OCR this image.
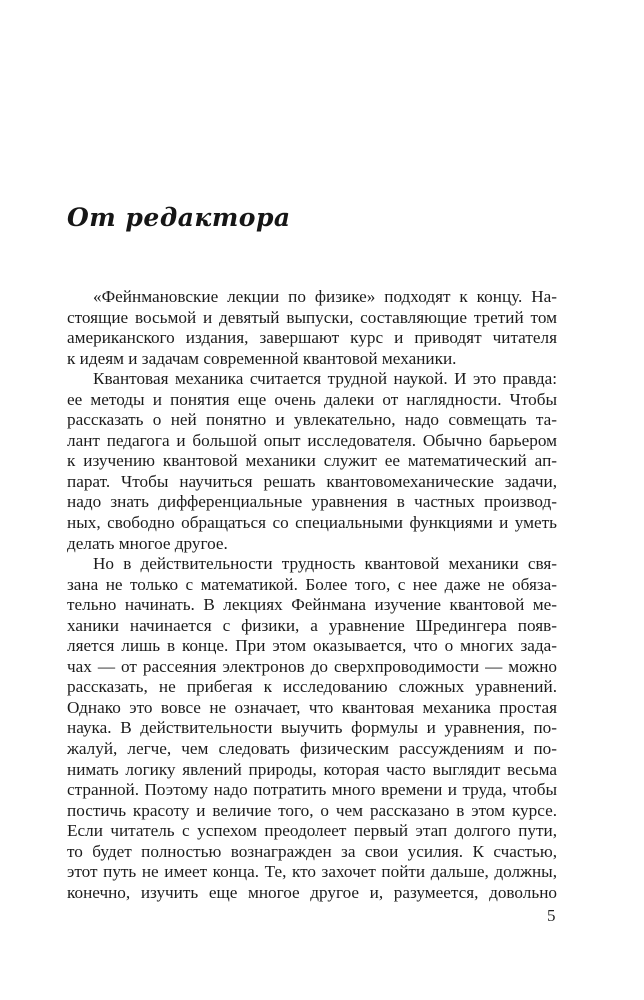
От редактора
«Фейнмановские лекции по физике» подходят к концу. На-
стоящие восьмой и девятый выпуски, составляющие третий том
американского издания, завершают курс и приводят читателя
к идеям и задачам современной квантовой механики.
Квантовая механика считается трудной наукой. И это правда:
ее методы и понятия еще очень далеки от наглядности. Чтобы
рассказать о ней понятно и увлекательно, надо совмещать та-
лант педагога и большой опыт исследователя. Обычно барьером
к изучению квантовой механики служит ее математический ап-
парат. Чтобы научиться решать квантовомеханические задачи,
надо знать дифференциальные уравнения в частных производ-
ных, свободно обращаться со специальными функциями и уметь
делать многое другое.
Но в действительности трудность квантовой механики свя-
зана не только с математикой. Более того, с нее даже не обяза-
тельно начинать. В лекциях Фейнмана изучение квантовой ме-
ханики начинается с физики, а уравнение Шредингера появ-
ляется лишь в конце. При этом оказывается, что о многих зада-
чах — от рассеяния электронов до сверхпроводимости — можно
рассказать, не прибегая к исследованию сложных уравнений.
Однако это вовсе не означает, что квантовая механика простая
наука. В действительности выучить формулы и уравнения, по-
жалуй, легче, чем следовать физическим рассуждениям и по-
нимать логику явлений природы, которая часто выглядит весьма
странной. Поэтому надо потратить много времени и труда, чтобы
постичь красоту и величие того, о чем рассказано в этом курсе.
Если читатель с успехом преодолеет первый этап долгого пути,
то будет полностью вознагражден за свои усилия. К счастью,
этот путь не имеет конца. Те, кто захочет пойти дальше, должны,
конечно, изучить еще многое другое и, разумеется, довольно
5
